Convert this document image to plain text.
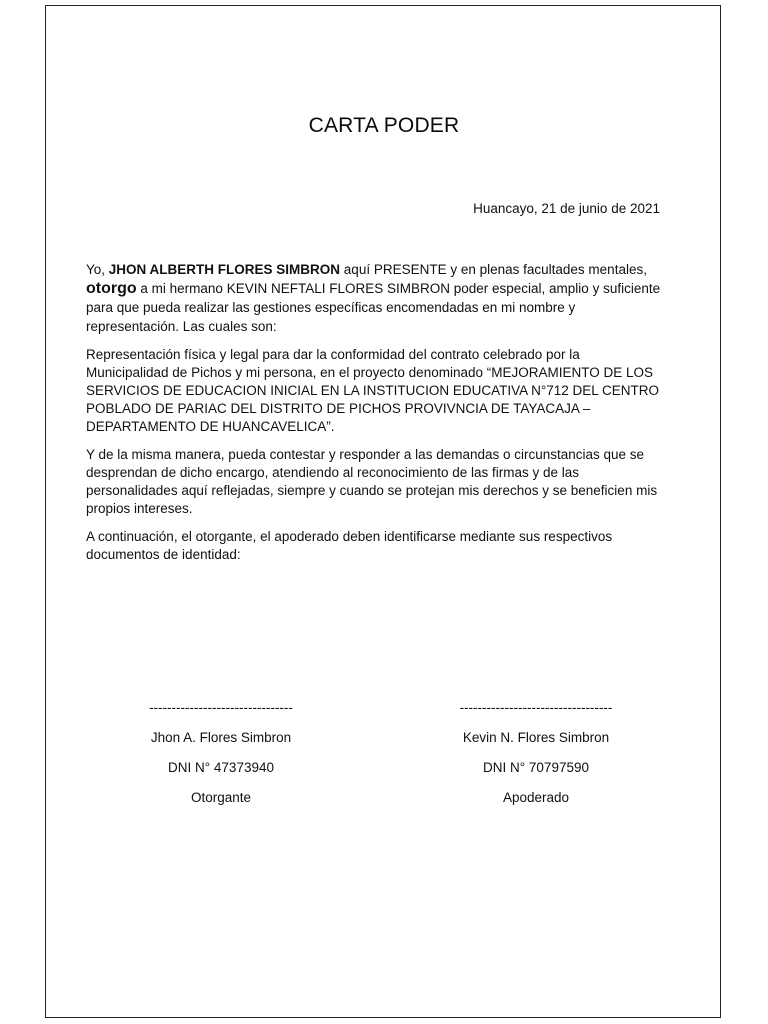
CARTA PODER
Huancayo, 21 de junio de 2021

Yo, JHON ALBERTH FLORES SIMBRON aquí PRESENTE y en plenas facultades mentales, otorgo a mi hermano KEVIN NEFTALI FLORES SIMBRON poder especial, amplio y suficiente para que pueda realizar las gestiones específicas encomendadas en mi nombre y representación. Las cuales son:

Representación física y legal para dar la conformidad del contrato celebrado por la Municipalidad de Pichos y mi persona, en el proyecto denominado “MEJORAMIENTO DE LOS SERVICIOS DE EDUCACION INICIAL EN LA INSTITUCION EDUCATIVA N°712 DEL CENTRO POBLADO DE PARIAC DEL DISTRITO DE PICHOS PROVIVNCIA DE TAYACAJA – DEPARTAMENTO DE HUANCAVELICA”.

Y de la misma manera, pueda contestar y responder a las demandas o circunstancias que se desprendan de dicho encargo, atendiendo al reconocimiento de las firmas y de las personalidades aquí reflejadas, siempre y cuando se protejan mis derechos y se beneficien mis propios intereses.

A continuación, el otorgante, el apoderado deben identificarse mediante sus respectivos documentos de identidad:

--------------------------------
Jhon A. Flores Simbron
DNI N° 47373940
Otorgante
----------------------------------
Kevin N. Flores Simbron
DNI N° 70797590
Apoderado
